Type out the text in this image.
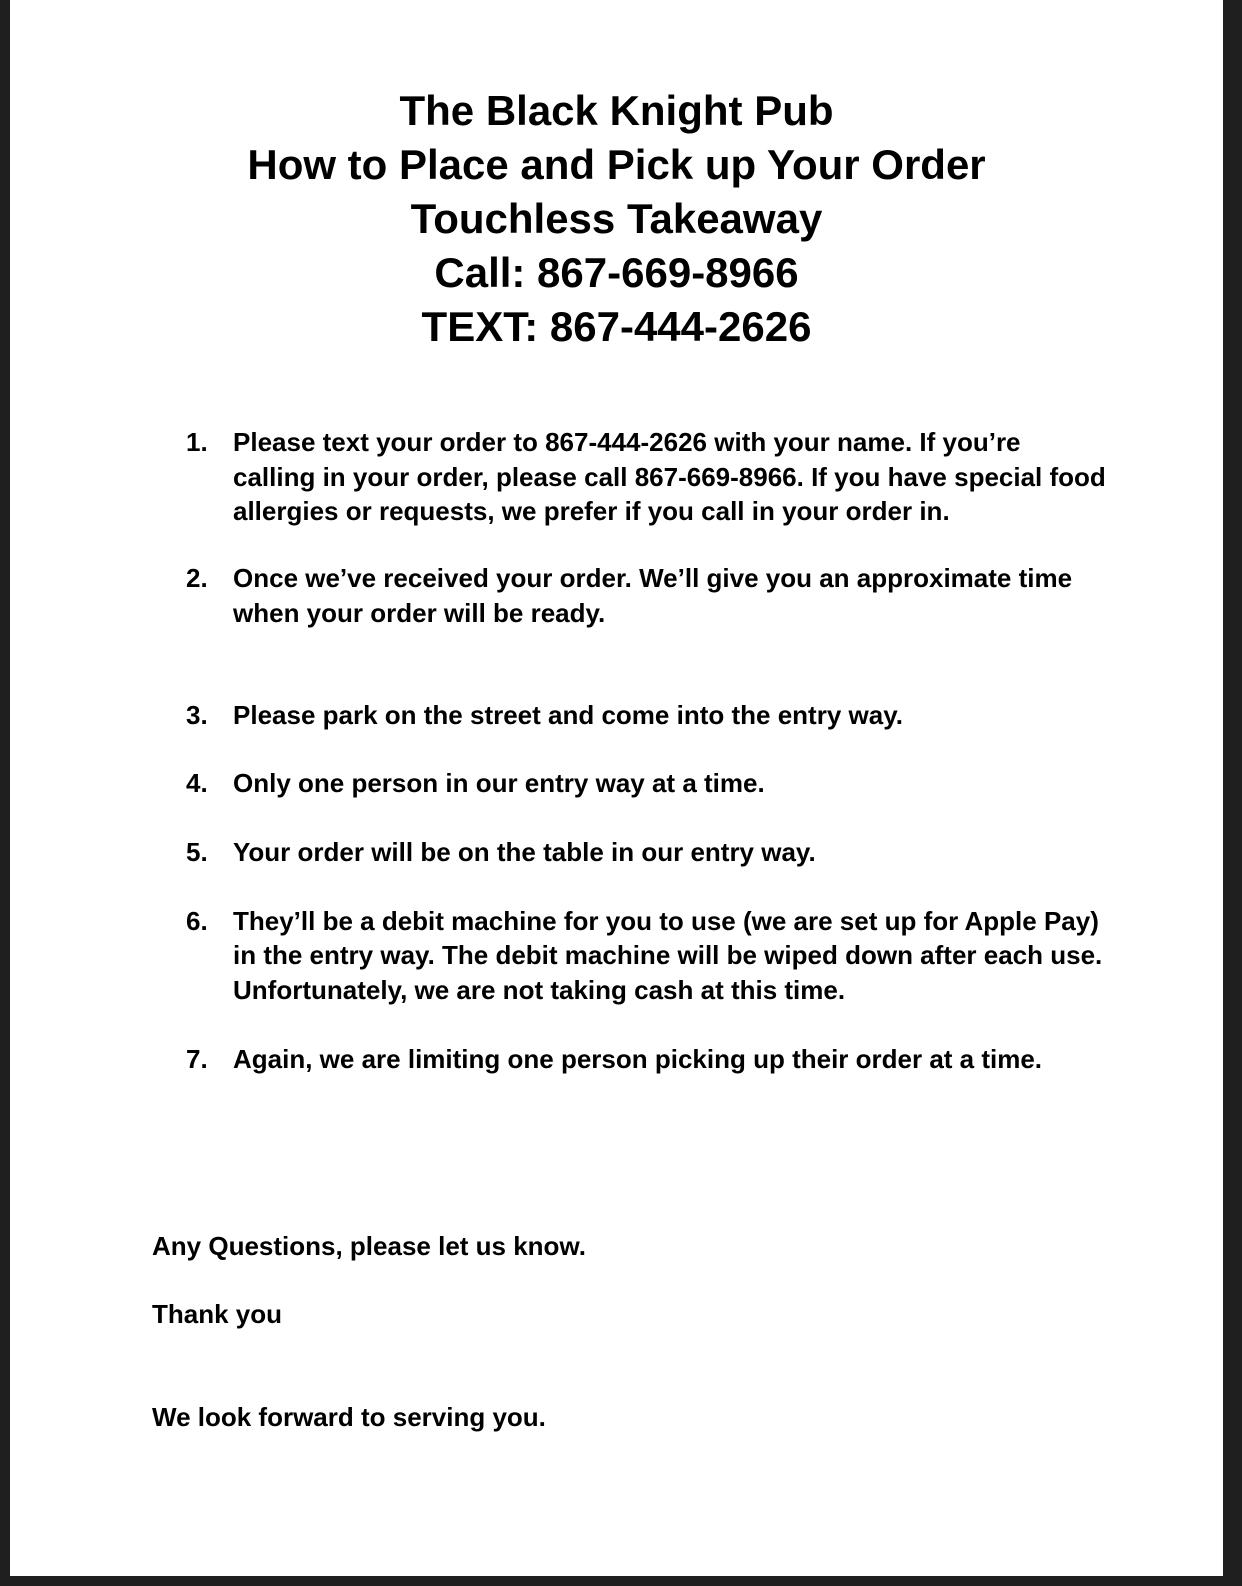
The Black Knight Pub
How to Place and Pick up Your Order
Touchless Takeaway
Call: 867-669-8966
TEXT: 867-444-2626
1. Please text your order to 867-444-2626 with your name. If you’re calling in your order, please call 867-669-8966. If you have special food allergies or requests, we prefer if you call in your order in.
2. Once we’ve received your order. We’ll give you an approximate time when your order will be ready.
3. Please park on the street and come into the entry way.
4. Only one person in our entry way at a time.
5. Your order will be on the table in our entry way.
6. They’ll be a debit machine for you to use (we are set up for Apple Pay) in the entry way. The debit machine will be wiped down after each use. Unfortunately, we are not taking cash at this time.
7. Again, we are limiting one person picking up their order at a time.
Any Questions, please let us know.
Thank you
We look forward to serving you.
